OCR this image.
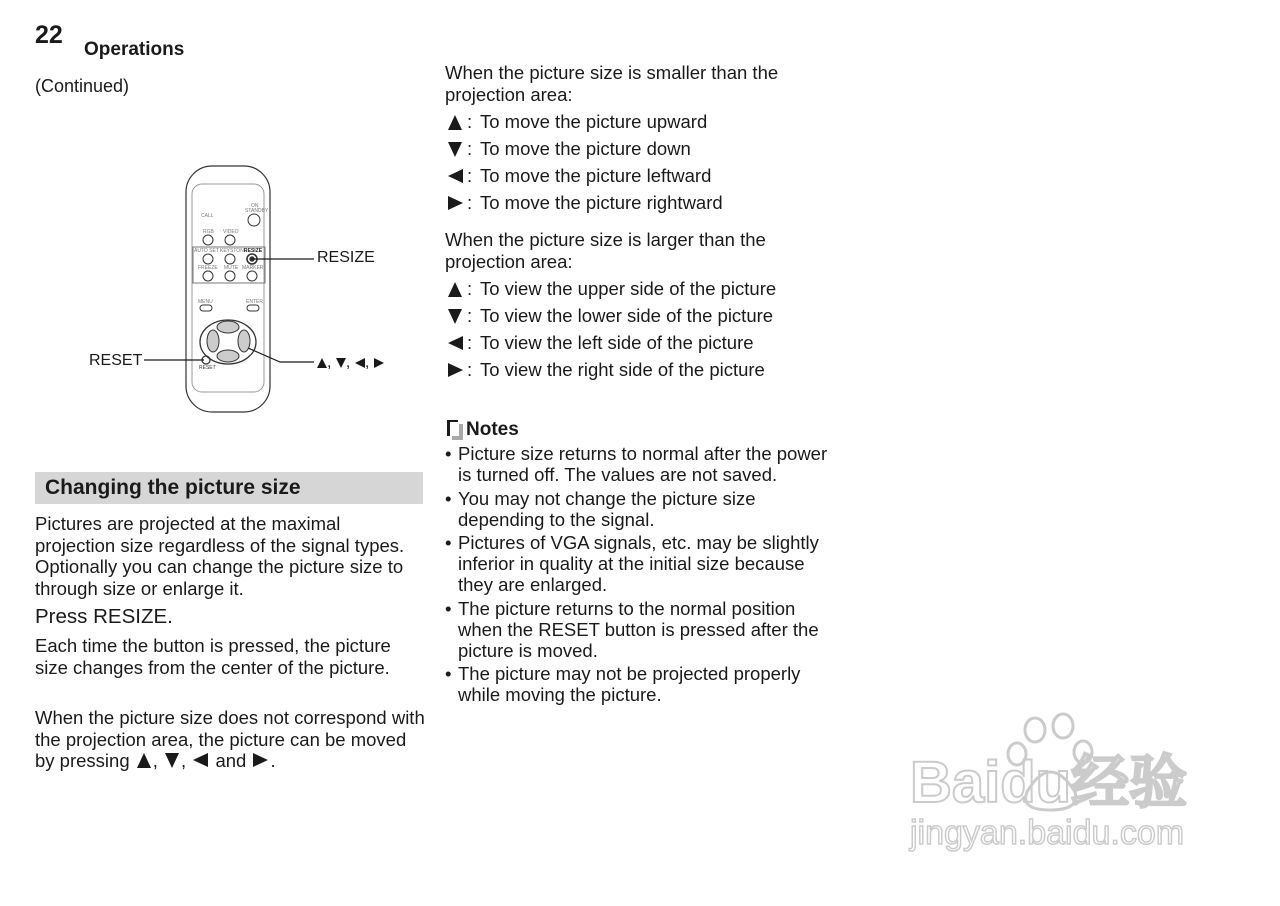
22
Operations
(Continued)
ON
STANDBY
CALL
RGB VIDEO
AUTO SET KEYSTONE
RESIZE
FREEZE MUTE MARKER
MENU	ENTER
RESET
RESIZE
RESET	, , ,
Changing the picture size
Pictures are projected at the maximal projection size regardless of the signal types. Optionally you can change the picture size to through size or enlarge it.
Press RESIZE.
Each time the button is pressed, the picture size changes from the center of the picture.
When the picture size does not correspond with the projection area, the picture can be moved by pressing , , and .
When the picture size is smaller than the projection area:
: To move the picture upward
: To move the picture down
: To move the picture leftward
: To move the picture rightward
When the picture size is larger than the projection area:
: To view the upper side of the picture
: To view the lower side of the picture
: To view the left side of the picture
: To view the right side of the picture
Notes
• Picture size returns to normal after the power is turned off. The values are not saved.
• You may not change the picture size depending to the signal.
• Pictures of VGA signals, etc. may be slightly inferior in quality at the initial size because they are enlarged.
• The picture returns to the normal position when the RESET button is pressed after the picture is moved.
• The picture may not be projected properly while moving the picture.
Baidu经验
jingyan.baidu.com
